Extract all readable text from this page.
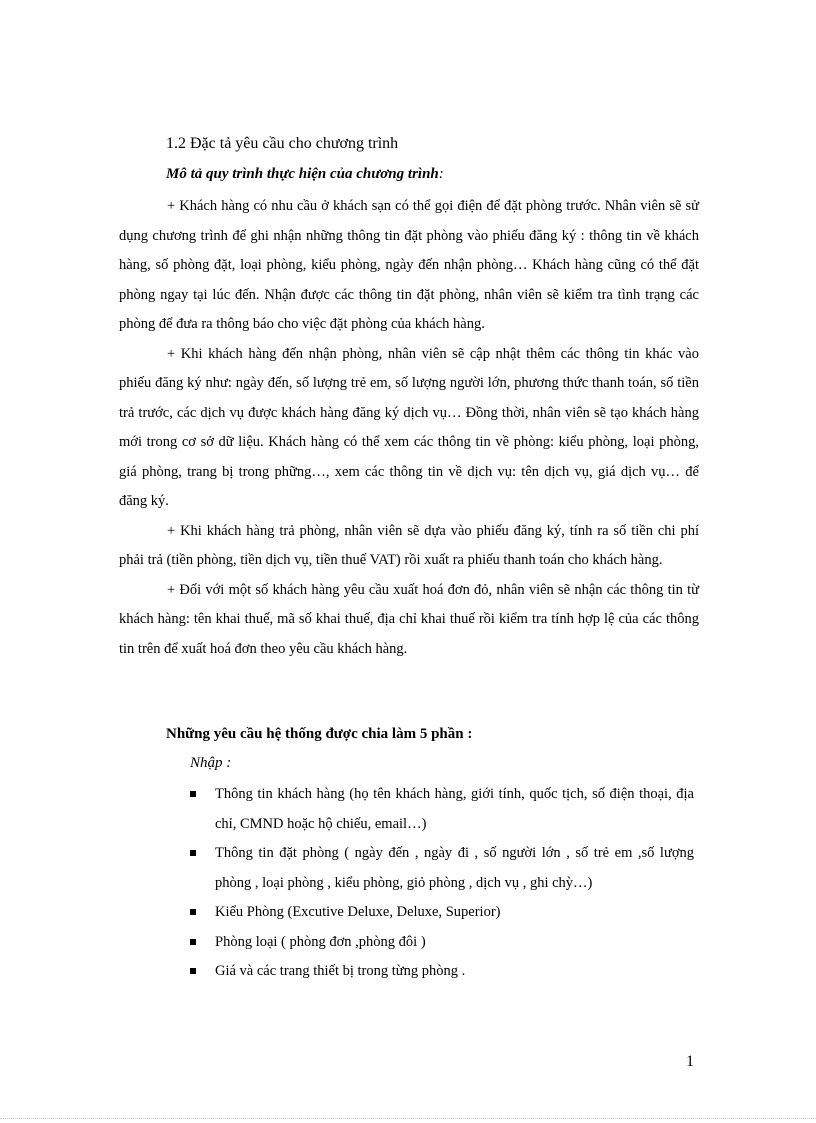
1.2 Đặc tả yêu cầu cho chương trình

Mô tả quy trình thực hiện của chương trình:

+ Khách hàng có nhu cầu ở khách sạn có thể gọi điện để đặt phòng trước. Nhân viên sẽ sử dụng chương trình để ghi nhận những thông tin đặt phòng vào phiếu đăng ký : thông tin về khách hàng, số phòng đặt, loại phòng, kiểu phòng, ngày đến nhận phòng… Khách hàng cũng có thể đặt phòng ngay tại lúc đến. Nhận được các thông tin đặt phòng, nhân viên sẽ kiểm tra tình trạng các phòng để đưa ra thông báo cho việc đặt phòng của khách hàng.

+ Khi khách hàng đến nhận phòng, nhân viên sẽ cập nhật thêm các thông tin khác vào phiếu đăng ký như: ngày đến, số lượng trẻ em, số lượng người lớn, phương thức thanh toán, số tiền trả trước, các dịch vụ được khách hàng đăng ký dịch vụ… Đồng thời, nhân viên sẽ tạo khách hàng mới trong cơ sở dữ liệu. Khách hàng có thể xem các thông tin về phòng: kiểu phòng, loại phòng, giá phòng, trang bị trong phững…, xem các thông tin về dịch vụ: tên dịch vụ, giá dịch vụ… để đăng ký.

+ Khi khách hàng trả phòng, nhân viên sẽ dựa vào phiếu đăng ký, tính ra số tiền chi phí phải trả (tiền phòng, tiền dịch vụ, tiền thuế VAT) rồi xuất ra phiếu thanh toán cho khách hàng.

+ Đối với một số khách hàng yêu cầu xuất hoá đơn đỏ, nhân viên sẽ nhận các thông tin từ khách hàng: tên khai thuế, mã số khai thuế, địa chỉ khai thuế rồi kiểm tra tính hợp lệ của các thông tin trên để xuất hoá đơn theo yêu cầu khách hàng.

Những yêu cầu hệ thống được chia làm 5 phần :

Nhập :

Thông tin khách hàng (họ tên khách hàng, giới tính, quốc tịch, số điện thoại, địa chỉ, CMND hoặc hộ chiếu, email…)
Thông tin đặt phòng ( ngày đến , ngày đi , số người lớn , số trẻ em ,số lượng phòng , loại phòng , kiểu phòng, giỏ phòng , dịch vụ , ghi chỳ…)
Kiểu Phòng (Excutive Deluxe, Deluxe, Superior)
Phòng loại ( phòng đơn ,phòng đôi )
Giá và các trang thiết bị trong từng phòng .

1
